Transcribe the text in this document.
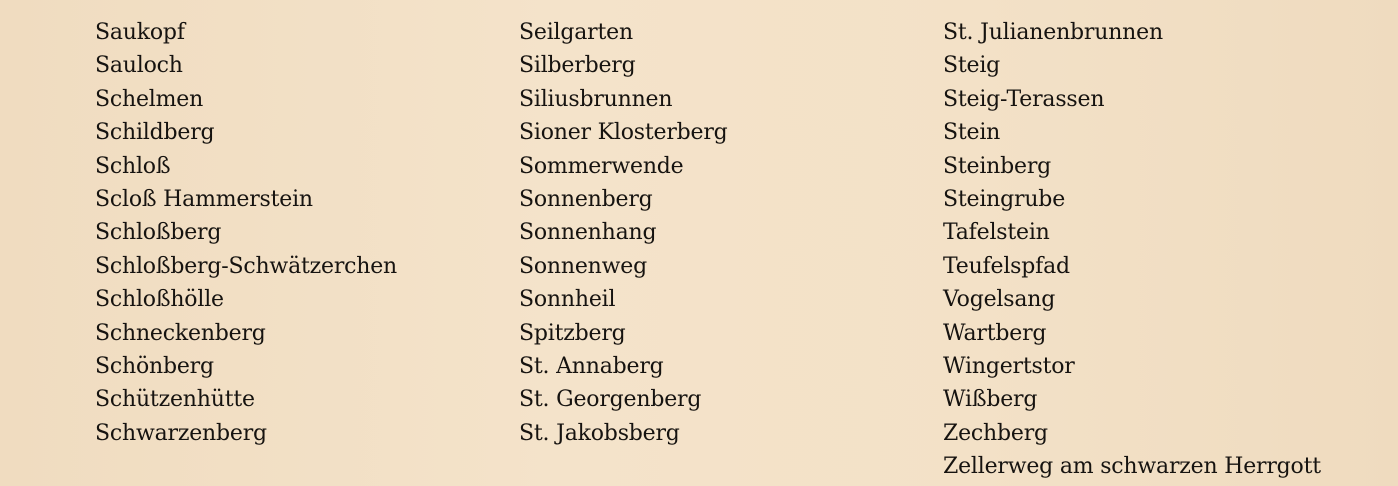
Saukopf
Sauloch
Schelmen
Schildberg
Schloß
Scloß Hammerstein
Schloßberg
Schloßberg-Schwätzerchen
Schloßhölle
Schneckenberg
Schönberg
Schützenhütte
Schwarzenberg
Seilgarten
Silberberg
Siliusbrunnen
Sioner Klosterberg
Sommerwende
Sonnenberg
Sonnenhang
Sonnenweg
Sonnheil
Spitzberg
St. Annaberg
St. Georgenberg
St. Jakobsberg
St. Julianenbrunnen
Steig
Steig-Terassen
Stein
Steinberg
Steingrube
Tafelstein
Teufelspfad
Vogelsang
Wartberg
Wingertstor
Wißberg
Zechberg
Zellerweg am schwarzen Herrgott
